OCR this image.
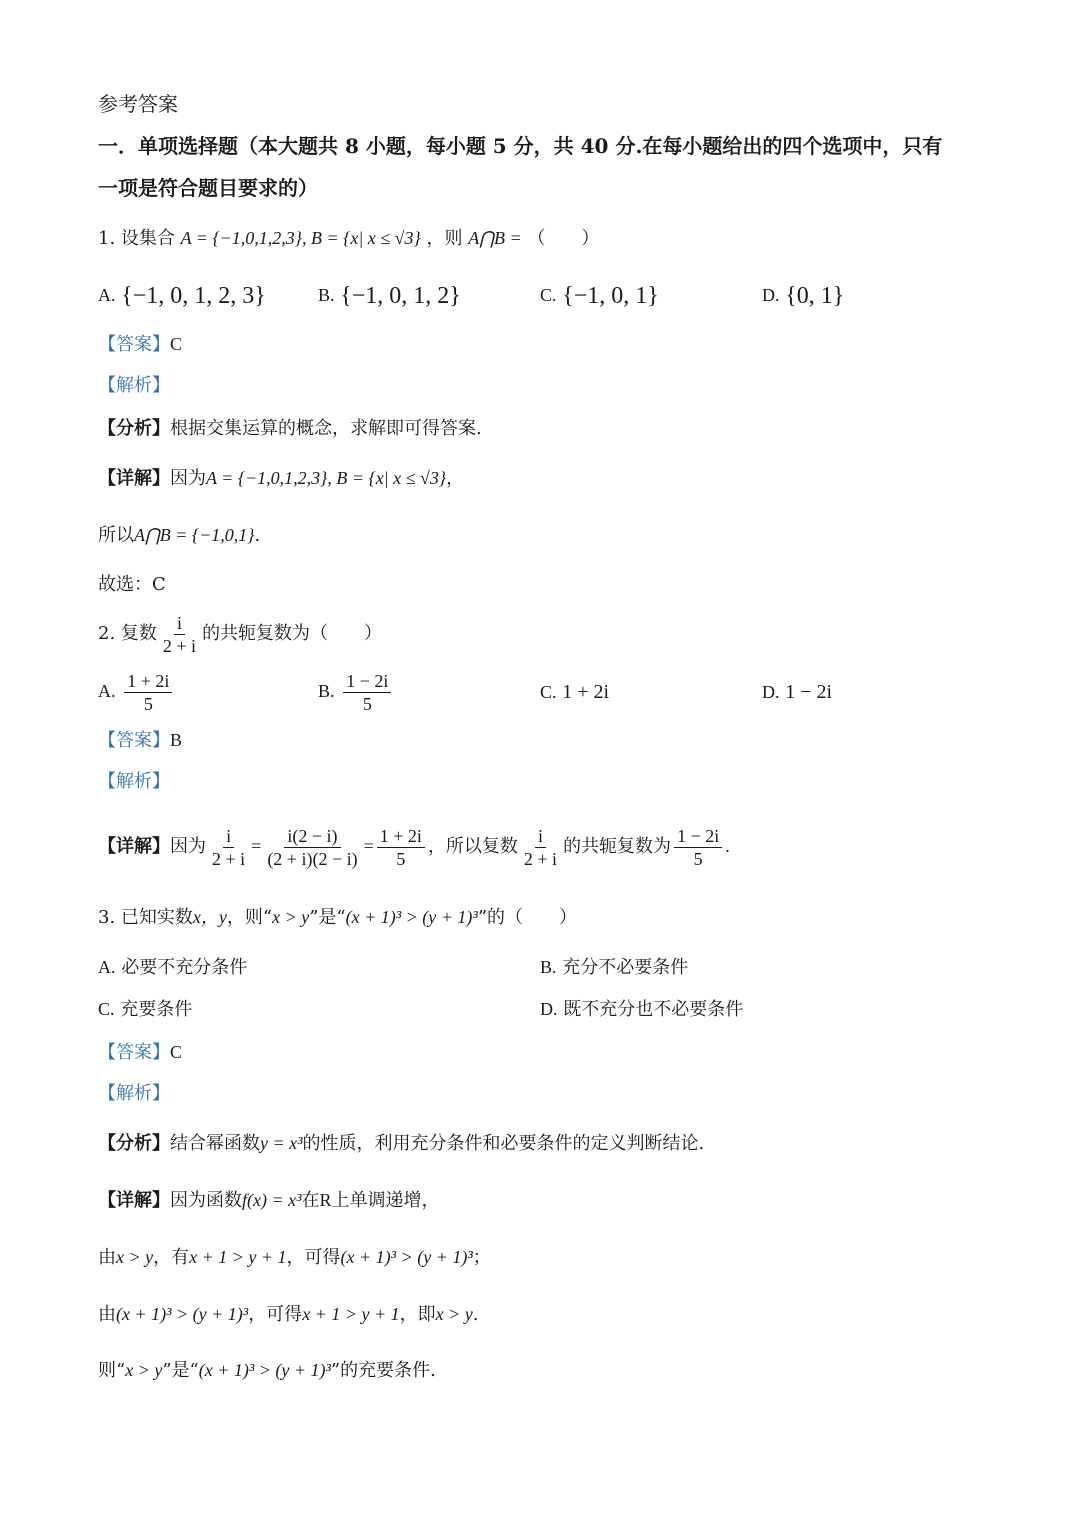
参考答案
一．单项选择题（本大题共 8 小题，每小题 5 分，共 40 分.在每小题给出的四个选项中，只有
一项是符合题目要求的）
1. 设集合 A = {−1,0,1,2,3}, B = {x| x ≤ √3} ，则 A⋂B = （　　）
A. {−1, 0, 1, 2, 3}	B. {−1, 0, 1, 2}	C. {−1, 0, 1}	D. {0, 1}
【答案】C
【解析】
【分析】根据交集运算的概念，求解即可得答案.
【详解】因为A = {−1,0,1,2,3}, B = {x| x ≤ √3}，
所以A⋂B = {−1,0,1}.
故选：C
2. 复数 $\frac{i}{2 + i}$ 的共轭复数为（　　）
A. $\frac{1 + 2i}{5}$	B. $\frac{1 - 2i}{5}$	C. 1 + 2i	D. 1 − 2i
【答案】B
【解析】
【详解】因为 $\frac{i}{2 + i} = \frac{i(2 - i)}{(2 + i)(2 - i)} = \frac{1 + 2i}{5}$ ，所以复数 $\frac{i}{2 + i}$ 的共轭复数为 $\frac{1 - 2i}{5}$ .
3. 已知实数x，y，则“x > y”是“(x + 1)³ > (y + 1)³”的（　　）
A. 必要不充分条件	B. 充分不必要条件
C. 充要条件	D. 既不充分也不必要条件
【答案】C
【解析】
【分析】结合幂函数y = x³的性质，利用充分条件和必要条件的定义判断结论.
【详解】因为函数f(x) = x³在R上单调递增，
由x > y，有x + 1 > y + 1，可得(x + 1)³ > (y + 1)³；
由(x + 1)³ > (y + 1)³，可得x + 1 > y + 1，即x > y.
则“x > y”是“(x + 1)³ > (y + 1)³”的充要条件.
